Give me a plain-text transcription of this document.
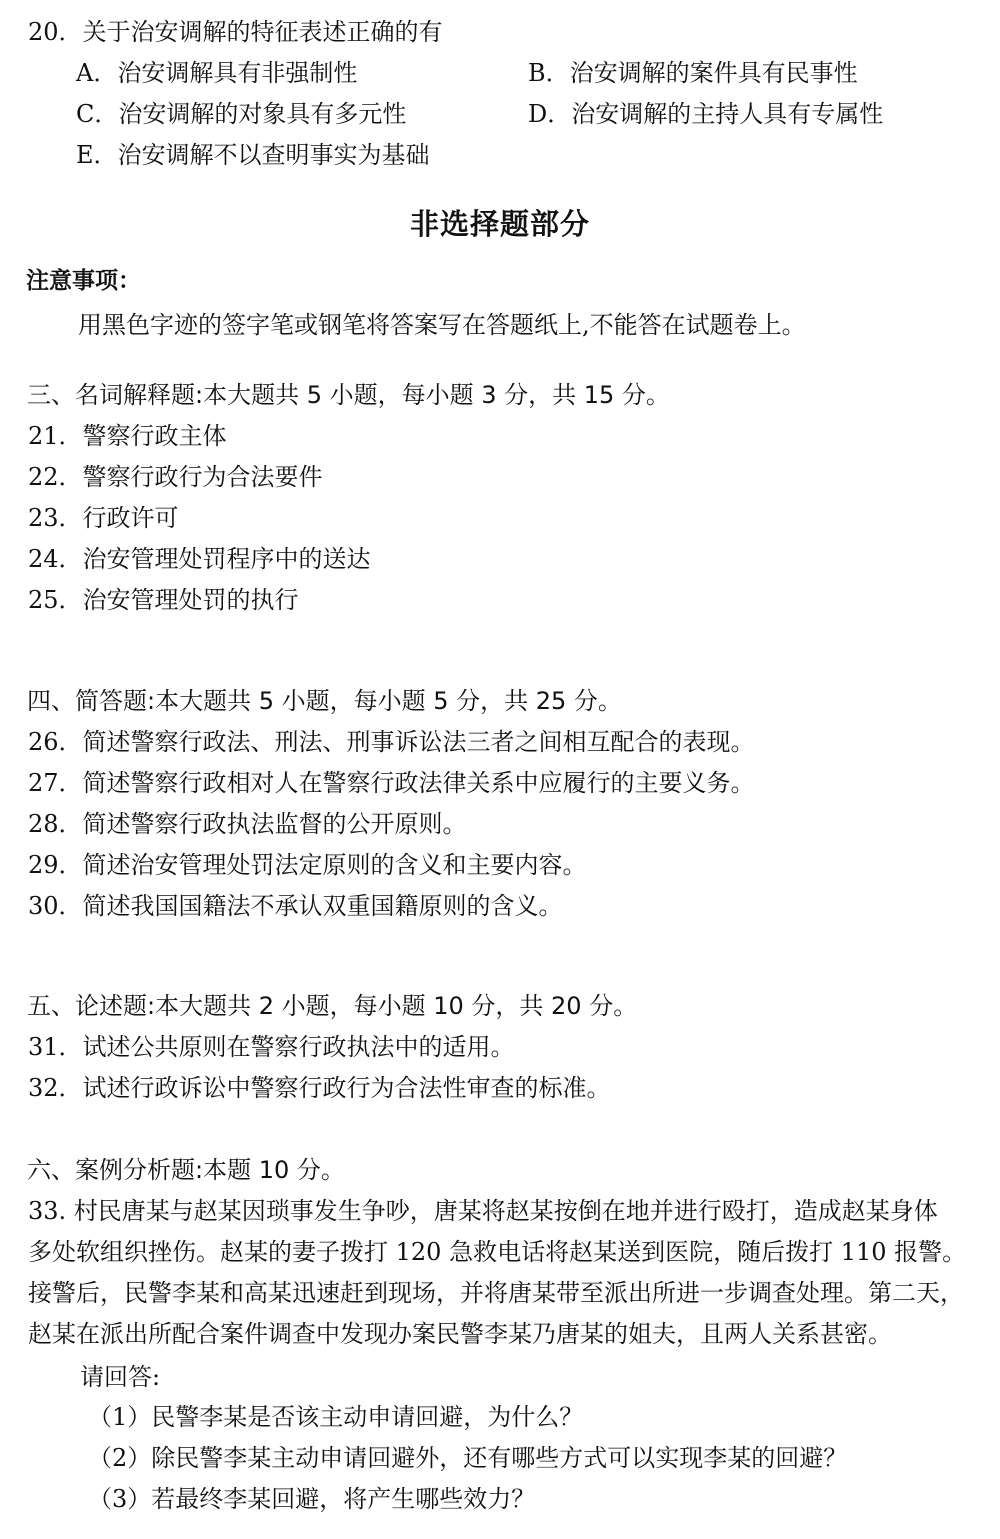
20．关于治安调解的特征表述正确的有
A．治安调解具有非强制性	B．治安调解的案件具有民事性
C．治安调解的对象具有多元性	D．治安调解的主持人具有专属性
E．治安调解不以查明事实为基础
非选择题部分
注意事项：
用黑色字迹的签字笔或钢笔将答案写在答题纸上,不能答在试题卷上。
三、名词解释题:本大题共 5 小题，每小题 3 分，共 15 分。
21．警察行政主体
22．警察行政行为合法要件
23．行政许可
24．治安管理处罚程序中的送达
25．治安管理处罚的执行
四、简答题:本大题共 5 小题，每小题 5 分，共 25 分。
26．简述警察行政法、刑法、刑事诉讼法三者之间相互配合的表现。
27．简述警察行政相对人在警察行政法律关系中应履行的主要义务。
28．简述警察行政执法监督的公开原则。
29．简述治安管理处罚法定原则的含义和主要内容。
30．简述我国国籍法不承认双重国籍原则的含义。
五、论述题:本大题共 2 小题，每小题 10 分，共 20 分。
31．试述公共原则在警察行政执法中的适用。
32．试述行政诉讼中警察行政行为合法性审查的标准。
六、案例分析题:本题 10 分。
33. 村民唐某与赵某因琐事发生争吵，唐某将赵某按倒在地并进行殴打，造成赵某身体
多处软组织挫伤。赵某的妻子拨打 120 急救电话将赵某送到医院，随后拨打 110 报警。
接警后，民警李某和高某迅速赶到现场，并将唐某带至派出所进一步调查处理。第二天，
赵某在派出所配合案件调查中发现办案民警李某乃唐某的姐夫，且两人关系甚密。
请回答:
（1）民警李某是否该主动申请回避，为什么？
（2）除民警李某主动申请回避外，还有哪些方式可以实现李某的回避？
（3）若最终李某回避，将产生哪些效力？
